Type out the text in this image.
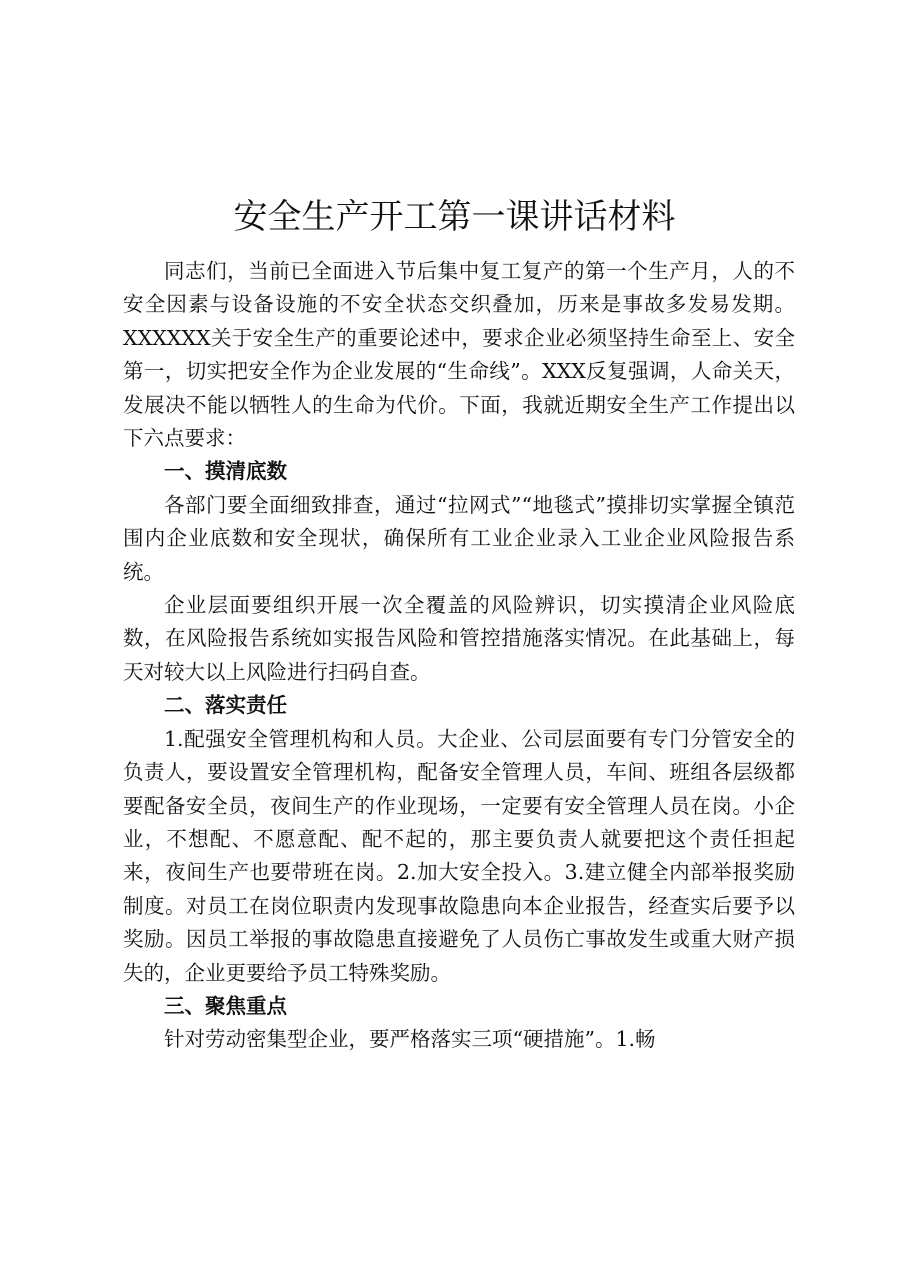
安全生产开工第一课讲话材料

同志们，当前已全面进入节后集中复工复产的第一个生产月，人的不安全因素与设备设施的不安全状态交织叠加，历来是事故多发易发期。XXXXXX关于安全生产的重要论述中，要求企业必须坚持生命至上、安全第一，切实把安全作为企业发展的“生命线”。XXX反复强调，人命关天，发展决不能以牺牲人的生命为代价。下面，我就近期安全生产工作提出以下六点要求：

一、摸清底数

各部门要全面细致排查，通过“拉网式”“地毯式”摸排切实掌握全镇范围内企业底数和安全现状，确保所有工业企业录入工业企业风险报告系统。

企业层面要组织开展一次全覆盖的风险辨识，切实摸清企业风险底数，在风险报告系统如实报告风险和管控措施落实情况。在此基础上，每天对较大以上风险进行扫码自查。

二、落实责任

1.配强安全管理机构和人员。大企业、公司层面要有专门分管安全的负责人，要设置安全管理机构，配备安全管理人员，车间、班组各层级都要配备安全员，夜间生产的作业现场，一定要有安全管理人员在岗。小企业，不想配、不愿意配、配不起的，那主要负责人就要把这个责任担起来，夜间生产也要带班在岗。2.加大安全投入。3.建立健全内部举报奖励制度。对员工在岗位职责内发现事故隐患向本企业报告，经查实后要予以奖励。因员工举报的事故隐患直接避免了人员伤亡事故发生或重大财产损失的，企业更要给予员工特殊奖励。

三、聚焦重点

针对劳动密集型企业，要严格落实三项“硬措施”。1.畅
